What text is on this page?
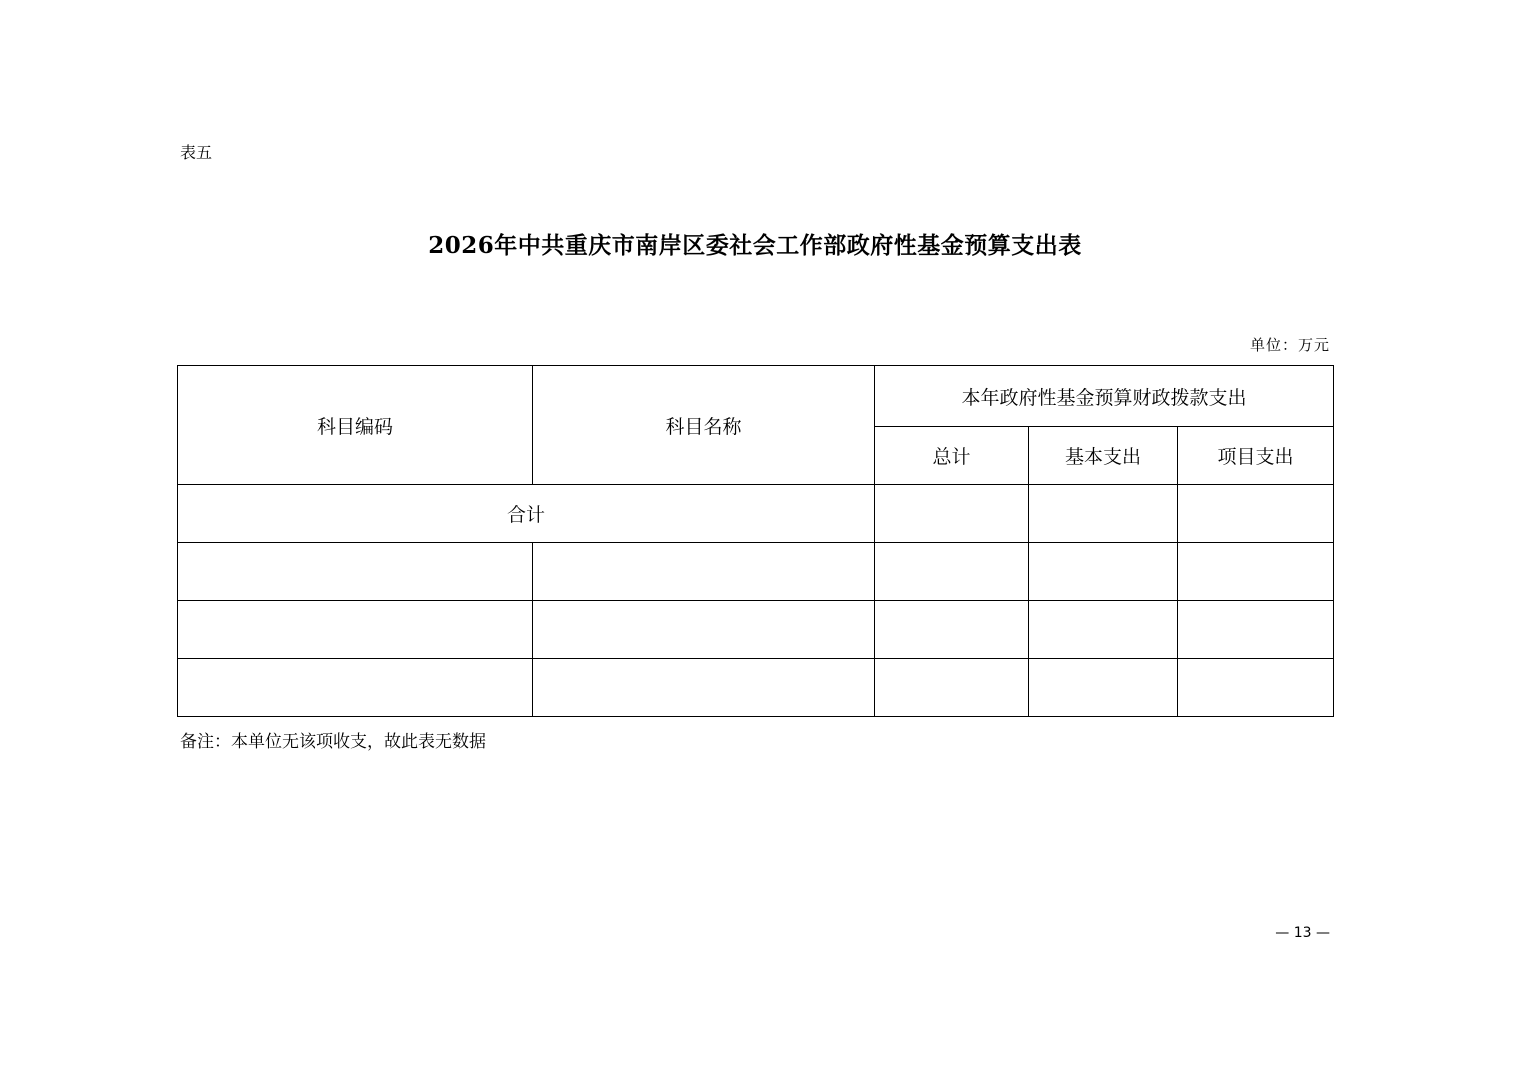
表五
2026年中共重庆市南岸区委社会工作部政府性基金预算支出表
单位：万元
科目编码	科目名称	本年政府性基金预算财政拨款支出		
		总计	基本支出	项目支出
合计				

备注：本单位无该项收支，故此表无数据
— 13 —
